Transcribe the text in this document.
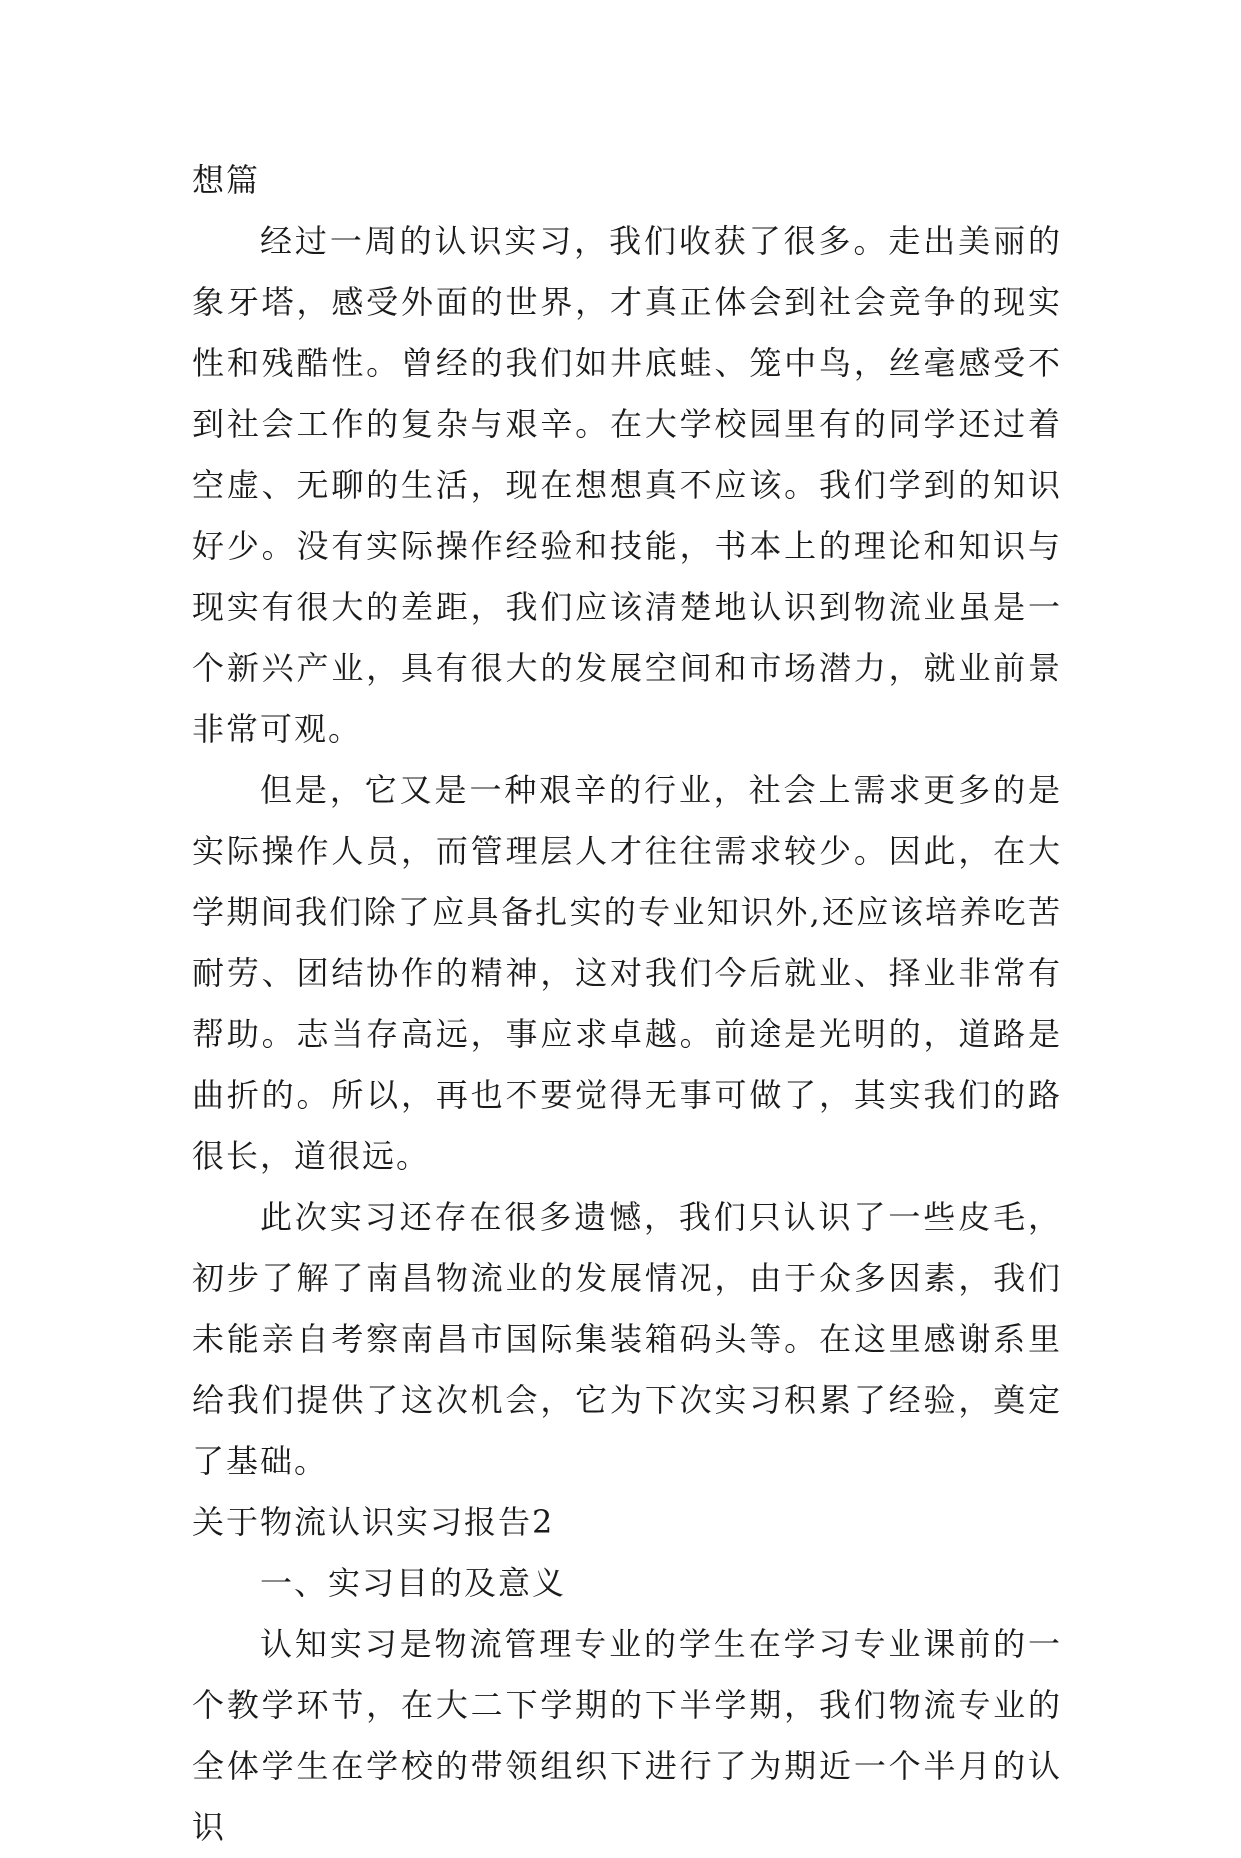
想篇

经过一周的认识实习，我们收获了很多。走出美丽的象牙塔，感受外面的世界，才真正体会到社会竞争的现实性和残酷性。曾经的我们如井底蛙、笼中鸟，丝毫感受不到社会工作的复杂与艰辛。在大学校园里有的同学还过着空虚、无聊的生活，现在想想真不应该。我们学到的知识好少。没有实际操作经验和技能，书本上的理论和知识与现实有很大的差距，我们应该清楚地认识到物流业虽是一个新兴产业，具有很大的发展空间和市场潜力，就业前景非常可观。

但是，它又是一种艰辛的行业，社会上需求更多的是实际操作人员，而管理层人才往往需求较少。因此，在大学期间我们除了应具备扎实的专业知识外,还应该培养吃苦耐劳、团结协作的精神，这对我们今后就业、择业非常有帮助。志当存高远，事应求卓越。前途是光明的，道路是曲折的。所以，再也不要觉得无事可做了，其实我们的路很长，道很远。

此次实习还存在很多遗憾，我们只认识了一些皮毛，初步了解了南昌物流业的发展情况，由于众多因素，我们未能亲自考察南昌市国际集装箱码头等。在这里感谢系里给我们提供了这次机会，它为下次实习积累了经验，奠定了基础。

关于物流认识实习报告2

一、实习目的及意义

认知实习是物流管理专业的学生在学习专业课前的一个教学环节，在大二下学期的下半学期，我们物流专业的全体学生在学校的带领组织下进行了为期近一个半月的认识
